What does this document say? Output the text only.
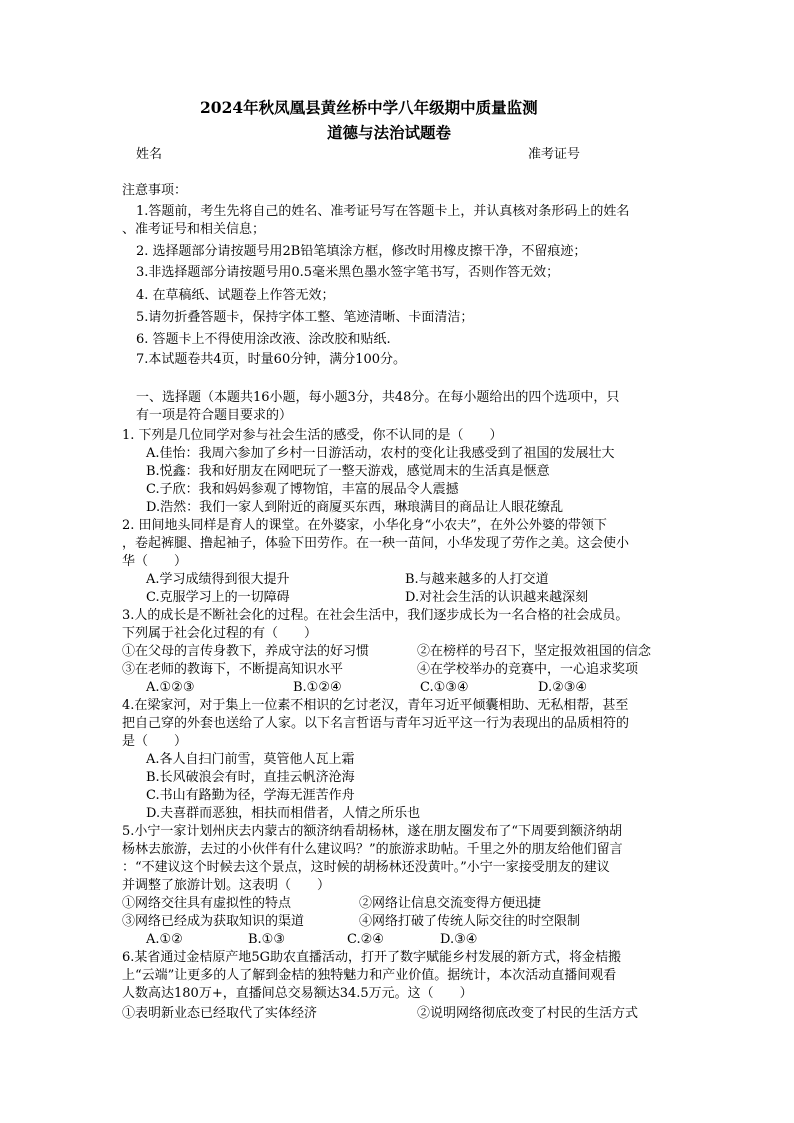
2024年秋凤凰县黄丝桥中学八年级期中质量监测
道德与法治试题卷
姓名	准考证号
注意事项：
1.答题前，考生先将自己的姓名、准考证号写在答题卡上，并认真核对条形码上的姓名
、准考证号和相关信息；
2. 选择题部分请按题号用2B铅笔填涂方框，修改时用橡皮擦干净，不留痕迹；
3.非选择题部分请按题号用0.5毫米黑色墨水签字笔书写，否则作答无效；
4. 在草稿纸、试题卷上作答无效；
5.请勿折叠答题卡，保持字体工整、笔迹清晰、卡面清洁；
6. 答题卡上不得使用涂改液、涂改胶和贴纸.
7.本试题卷共4页，时量60分钟，满分100分。
一、选择题（本题共16小题，每小题3分，共48分。在每小题给出的四个选项中，只
有一项是符合题目要求的）
1. 下列是几位同学对参与社会生活的感受，你不认同的是（　　）
A.佳怡：我周六参加了乡村一日游活动，农村的变化让我感受到了祖国的发展壮大
B.悦鑫：我和好朋友在网吧玩了一整天游戏，感觉周末的生活真是惬意
C.子欣：我和妈妈参观了博物馆，丰富的展品令人震撼
D.浩然：我们一家人到附近的商厦买东西，琳琅满目的商品让人眼花缭乱
2. 田间地头同样是育人的课堂。在外婆家，小华化身“小农夫”，在外公外婆的带领下
，卷起裤腿、撸起袖子，体验下田劳作。在一秧一苗间，小华发现了劳作之美。这会使小
华（　　）
A.学习成绩得到很大提升	B.与越来越多的人打交道
C.克服学习上的一切障碍	D.对社会生活的认识越来越深刻
3.人的成长是不断社会化的过程。在社会生活中，我们逐步成长为一名合格的社会成员。
下列属于社会化过程的有（　　）
①在父母的言传身教下，养成守法的好习惯	②在榜样的号召下，坚定报效祖国的信念
③在老师的教诲下，不断提高知识水平	④在学校举办的竞赛中，一心追求奖项
A.①②③	B.①②④	C.①③④	D.②③④
4.在梁家河，对于集上一位素不相识的乞讨老汉，青年习近平倾囊相助、无私相帮，甚至
把自己穿的外套也送给了人家。以下名言哲语与青年习近平这一行为表现出的品质相符的
是（　　）
A.各人自扫门前雪，莫管他人瓦上霜
B.长风破浪会有时，直挂云帆济沧海
C.书山有路勤为径，学海无涯苦作舟
D.夫喜群而恶独，相扶而相借者，人情之所乐也
5.小宁一家计划州庆去内蒙古的额济纳看胡杨林，遂在朋友圈发布了“下周要到额济纳胡
杨林去旅游，去过的小伙伴有什么建议吗？”的旅游求助帖。千里之外的朋友给他们留言
：“不建议这个时候去这个景点，这时候的胡杨林还没黄叶。”小宁一家接受朋友的建议
并调整了旅游计划。这表明（　　）
①网络交往具有虚拟性的特点	②网络让信息交流变得方便迅捷
③网络已经成为获取知识的渠道	④网络打破了传统人际交往的时空限制
A.①②	B.①③	C.②④	D.③④
6.某省通过金桔原产地5G助农直播活动，打开了数字赋能乡村发展的新方式，将金桔搬
上“云端”让更多的人了解到金桔的独特魅力和产业价值。据统计，本次活动直播间观看
人数高达180万+，直播间总交易额达34.5万元。这（　　）
①表明新业态已经取代了实体经济	②说明网络彻底改变了村民的生活方式
